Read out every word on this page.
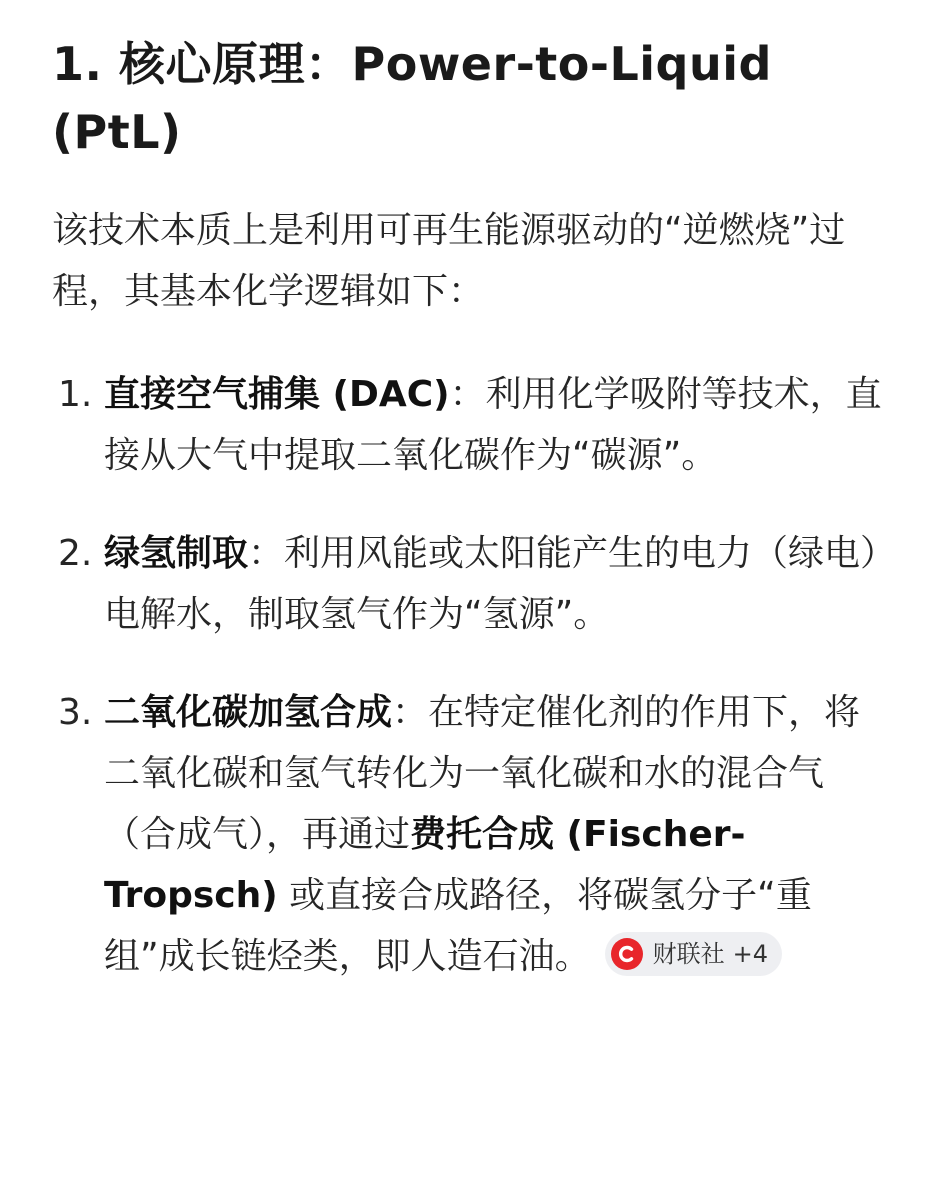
1. 核心原理：Power-to-Liquid (PtL)

该技术本质上是利用可再生能源驱动的“逆燃烧”过程，其基本化学逻辑如下：

1. 直接空气捕集 (DAC)：利用化学吸附等技术，直接从大气中提取二氧化碳作为“碳源”。
2. 绿氢制取：利用风能或太阳能产生的电力（绿电）电解水，制取氢气作为“氢源”。
3. 二氧化碳加氢合成：在特定催化剂的作用下，将二氧化碳和氢气转化为一氧化碳和水的混合气（合成气），再通过费托合成 (Fischer-Tropsch) 或直接合成路径，将碳氢分子“重组”成长链烃类，即人造石油。	财联社 +4
